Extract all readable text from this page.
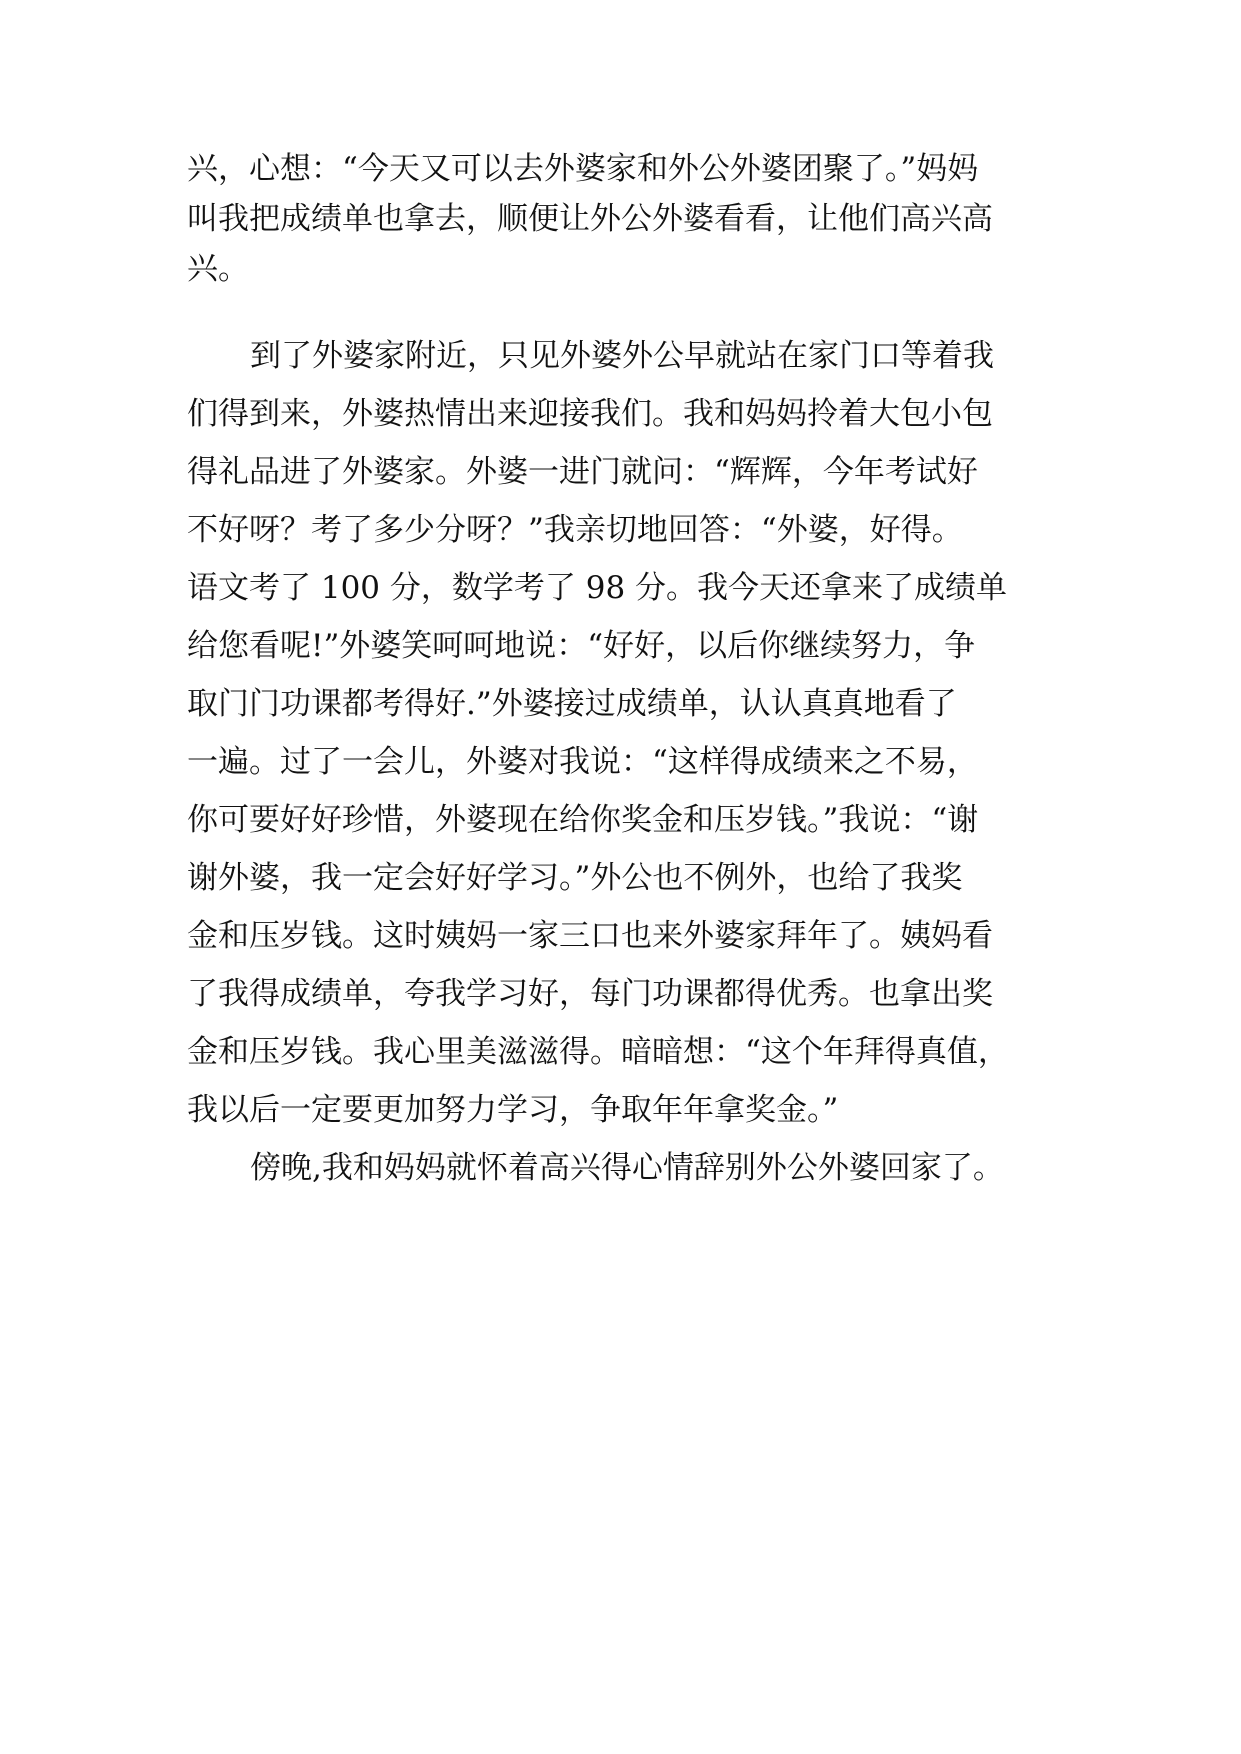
兴，心想：“今天又可以去外婆家和外公外婆团聚了。”妈妈
叫我把成绩单也拿去，顺便让外公外婆看看，让他们高兴高
兴。
到了外婆家附近，只见外婆外公早就站在家门口等着我
们得到来，外婆热情出来迎接我们。我和妈妈拎着大包小包
得礼品进了外婆家。外婆一进门就问：“辉辉，今年考试好
不好呀？考了多少分呀？”我亲切地回答：“外婆，好得。
语文考了 100 分，数学考了 98 分。我今天还拿来了成绩单
给您看呢!”外婆笑呵呵地说：“好好，以后你继续努力，争
取门门功课都考得好.”外婆接过成绩单，认认真真地看了
一遍。过了一会儿，外婆对我说：“这样得成绩来之不易，
你可要好好珍惜，外婆现在给你奖金和压岁钱。”我说：“谢
谢外婆，我一定会好好学习。”外公也不例外，也给了我奖
金和压岁钱。这时姨妈一家三口也来外婆家拜年了。姨妈看
了我得成绩单，夸我学习好，每门功课都得优秀。也拿出奖
金和压岁钱。我心里美滋滋得。暗暗想：“这个年拜得真值，
我以后一定要更加努力学习，争取年年拿奖金。”
傍晚,我和妈妈就怀着高兴得心情辞别外公外婆回家了。
